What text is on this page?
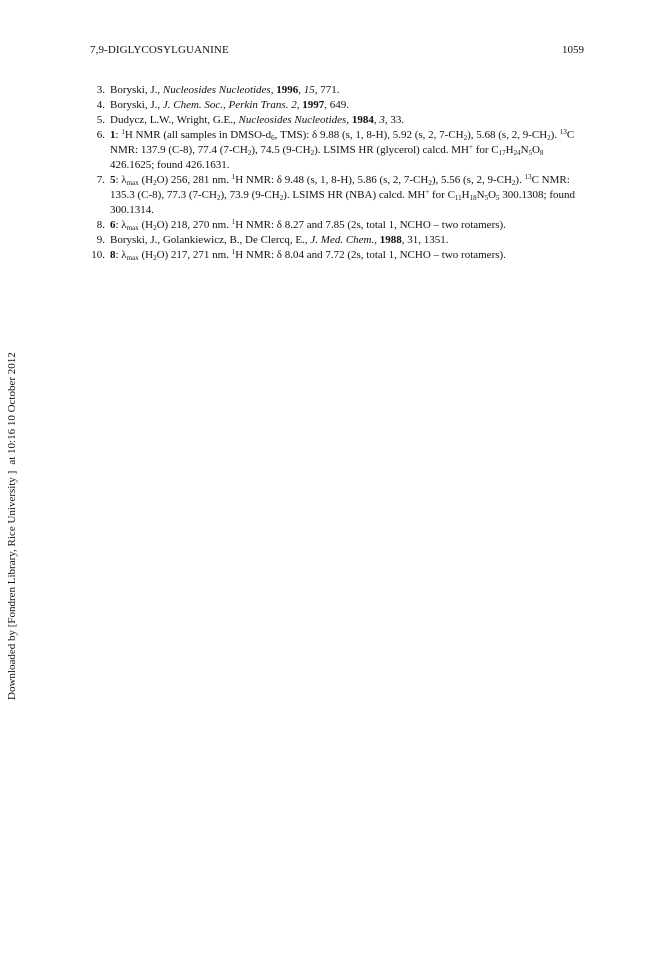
7,9-DIGLYCOSYLGUANINE	1059
3. Boryski, J., Nucleosides Nucleotides, 1996, 15, 771.
4. Boryski, J., J. Chem. Soc., Perkin Trans. 2, 1997, 649.
5. Dudycz, L.W., Wright, G.E., Nucleosides Nucleotides, 1984, 3, 33.
6. 1: $^1$H NMR (all samples in DMSO-$d_6$, TMS): δ 9.88 (s, 1, 8-H), 5.92 (s, 2, $7-CH_2$), 5.68 (s, 2, $9-CH_2$). $^{13}$C NMR: 137.9 (C-8), 77.4 $(7-CH_2)$, 74.5 $(9-CH_2)$. LSIMS HR (glycerol) calcd. MH+ for $C_{17}H_{24}N_5O_8$ 426.1625; found 426.1631.
7. 5: $\lambda_{max}$ $(H_2O)$ 256, 281 nm. $^1$H NMR: δ 9.48 (s, 1, 8-H), 5.86 (s, 2, $7-CH_2$), 5.56 (s, 2, $9-CH_2$). $^{13}$C NMR: 135.3 (C-8), 77.3 $(7-CH_2)$, 73.9 $(9-CH_2)$. LSIMS HR (NBA) calcd. MH+ for $C_{11}H_{18}N_5O_5$ 300.1308; found 300.1314.
8. 6: $\lambda_{max}$ $(H_2O)$ 218, 270 nm. $^1$H NMR: δ 8.27 and 7.85 (2s, total 1, NCHO – two rotamers).
9. Boryski, J., Golankiewicz, B., De Clercq, E., J. Med. Chem., 1988, 31, 1351.
10. 8: $\lambda_{max}$ $(H_2O)$ 217, 271 nm. $^1$H NMR: δ 8.04 and 7.72 (2s, total 1, NCHO – two rotamers).
Downloaded by [Fondren Library, Rice University ]at 10:16 10 October 2012
